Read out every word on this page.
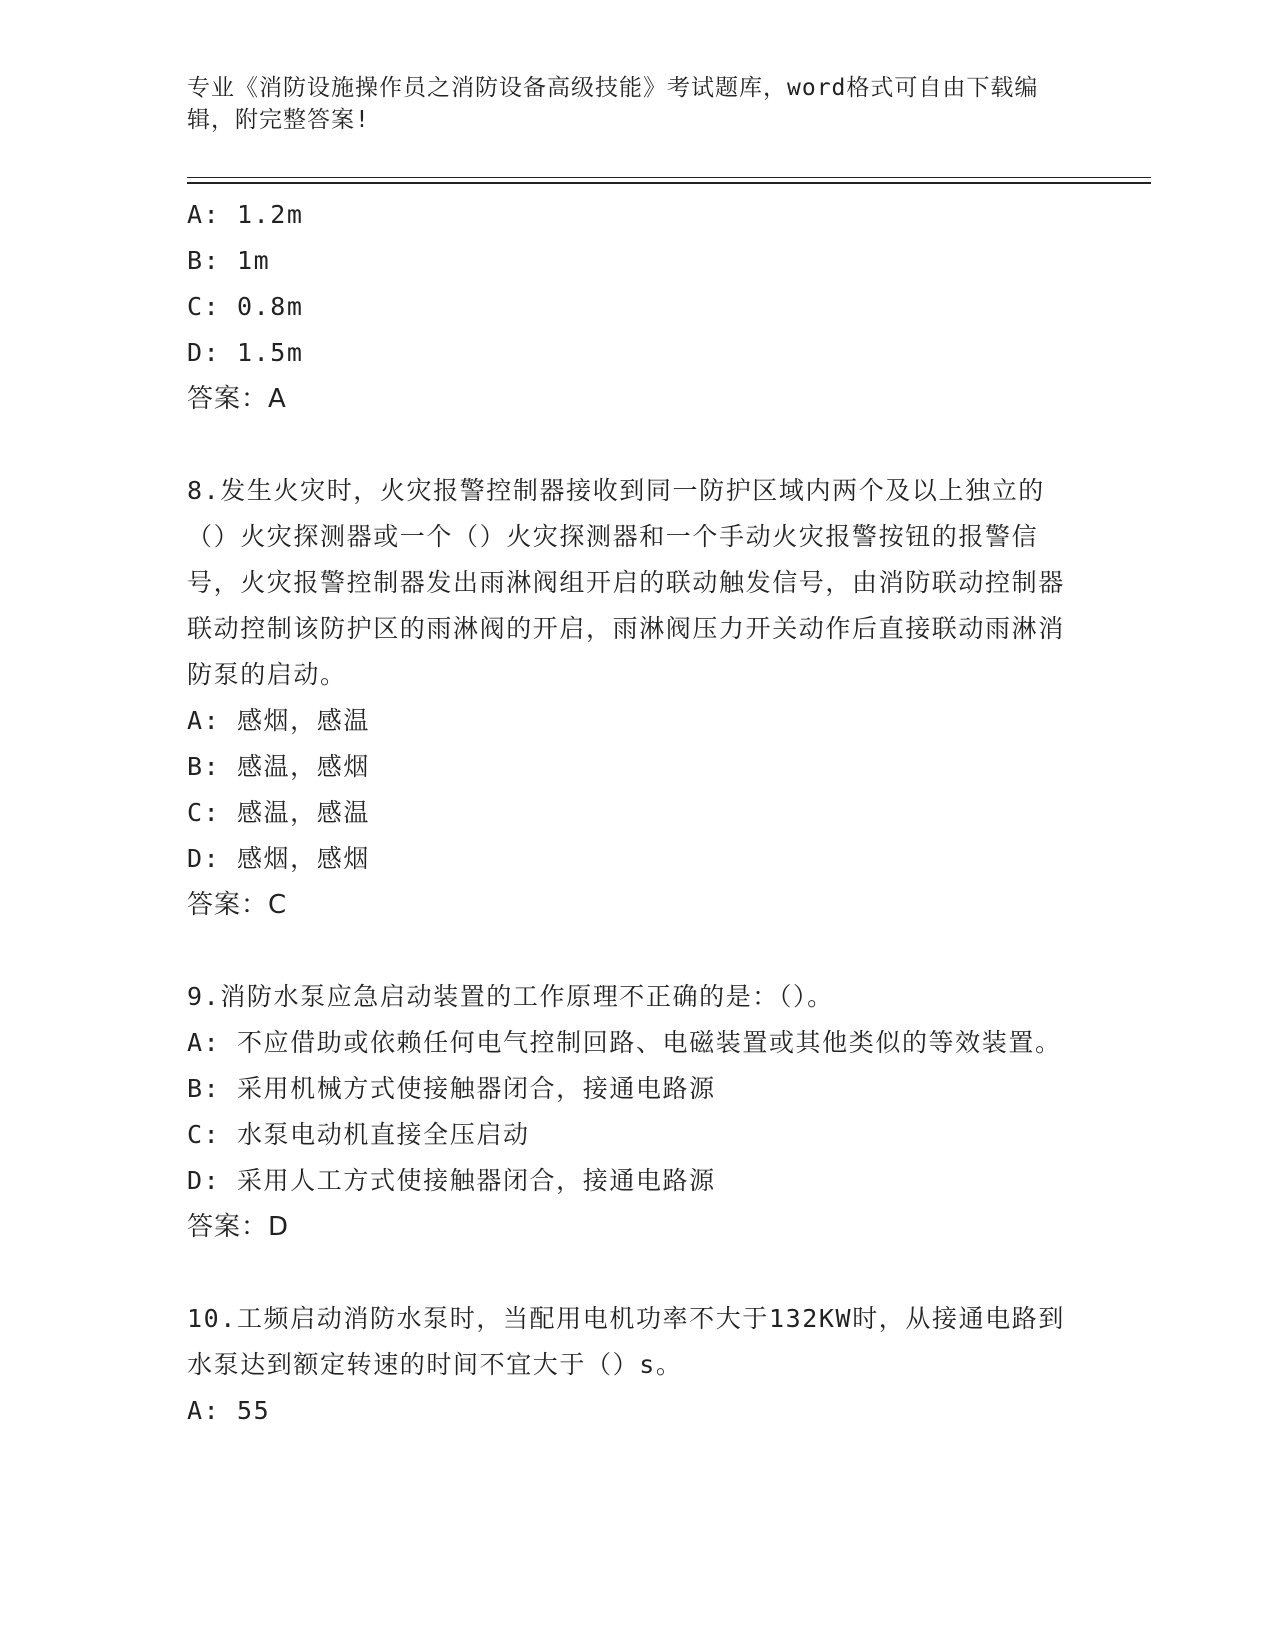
专业《消防设施操作员之消防设备高级技能》考试题库，word格式可自由下载编辑，附完整答案!

A: 1.2m

B: 1m

C: 0.8m

D: 1.5m

答案：A

8.发生火灾时，火灾报警控制器接收到同一防护区域内两个及以上独立的（）火灾探测器或一个（）火灾探测器和一个手动火灾报警按钮的报警信号，火灾报警控制器发出雨淋阀组开启的联动触发信号，由消防联动控制器联动控制该防护区的雨淋阀的开启，雨淋阀压力开关动作后直接联动雨淋消防泵的启动。

A: 感烟，感温

B: 感温，感烟

C: 感温，感温

D: 感烟，感烟

答案：C

9.消防水泵应急启动装置的工作原理不正确的是：（）。

A: 不应借助或依赖任何电气控制回路、电磁装置或其他类似的等效装置。

B: 采用机械方式使接触器闭合，接通电路源

C: 水泵电动机直接全压启动

D: 采用人工方式使接触器闭合，接通电路源

答案：D

10.工频启动消防水泵时，当配用电机功率不大于132KW时，从接通电路到水泵达到额定转速的时间不宜大于（）s。

A: 55
